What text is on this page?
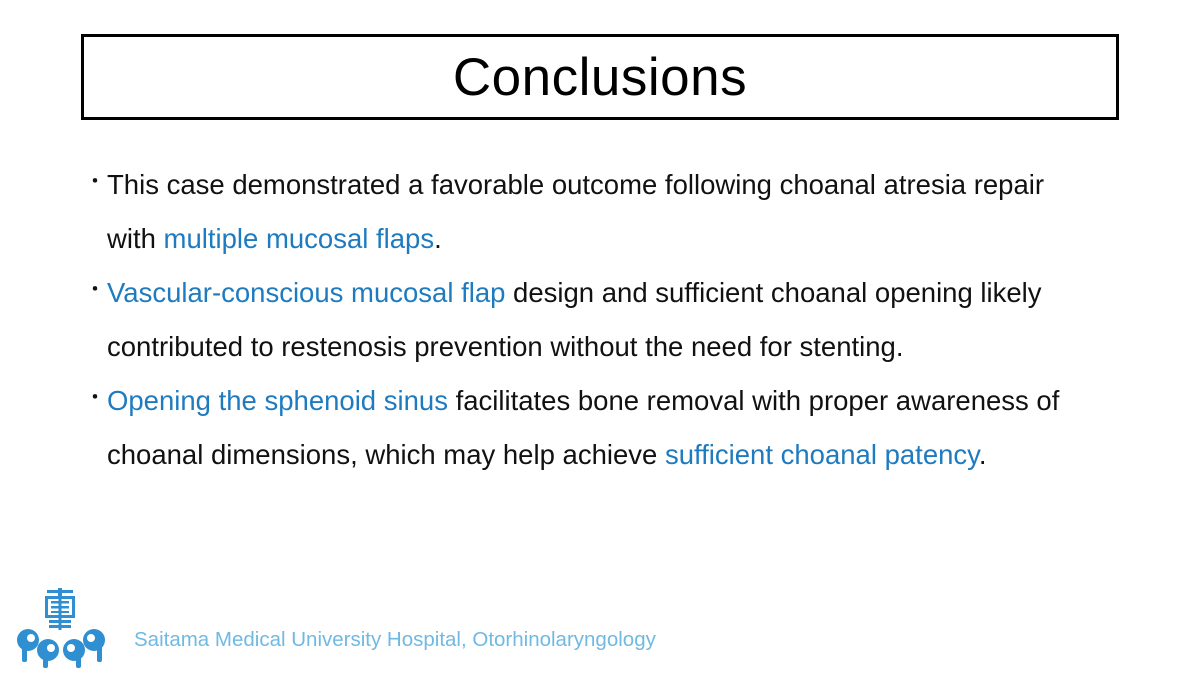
Conclusions
･ This case demonstrated a favorable outcome following choanal atresia repair with multiple mucosal flaps.
･ Vascular-conscious mucosal flap design and sufficient choanal opening likely contributed to restenosis prevention without the need for stenting.
･ Opening the sphenoid sinus facilitates bone removal with proper awareness of choanal dimensions, which may help achieve sufficient choanal patency.
Saitama Medical University Hospital, Otorhinolaryngology
